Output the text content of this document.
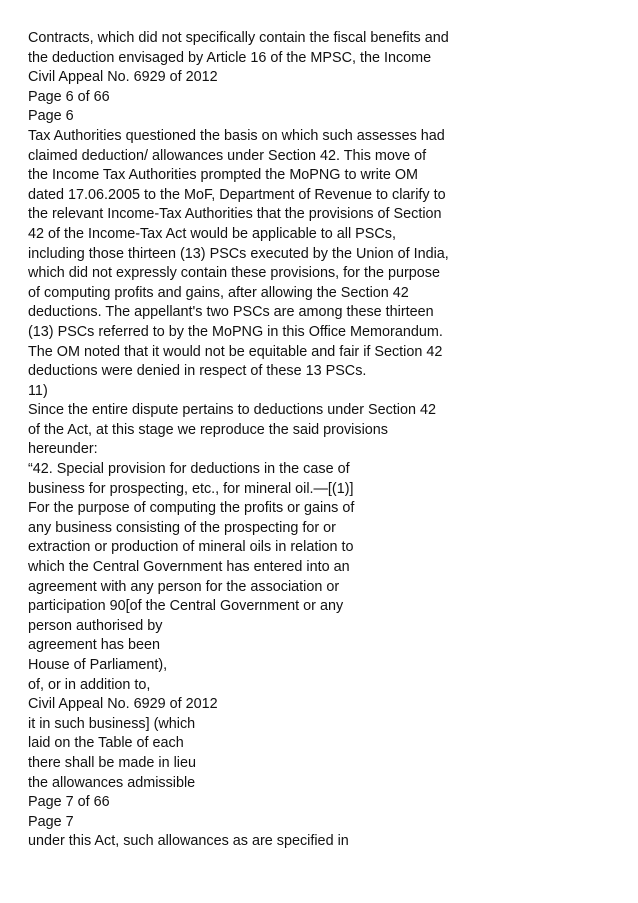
Contracts, which did not specifically contain the fiscal benefits and
the deduction envisaged by Article 16 of the MPSC, the Income
Civil Appeal No. 6929 of 2012
Page 6 of 66
Page 6
Tax Authorities questioned the basis on which such assesses had
claimed deduction/ allowances under Section 42. This move of
the Income Tax Authorities prompted the MoPNG to write OM
dated 17.06.2005 to the MoF, Department of Revenue to clarify to
the relevant Income-Tax Authorities that the provisions of Section
42 of the Income-Tax Act would be applicable to all PSCs,
including those thirteen (13) PSCs executed by the Union of India,
which did not expressly contain these provisions, for the purpose
of computing profits and gains, after allowing the Section 42
deductions. The appellant's two PSCs are among these thirteen
(13) PSCs referred to by the MoPNG in this Office Memorandum.
The OM noted that it would not be equitable and fair if Section 42
deductions were denied in respect of these 13 PSCs.
11)
Since the entire dispute pertains to deductions under Section 42
of the Act, at this stage we reproduce the said provisions
hereunder:
“42. Special provision for deductions in the case of
business for prospecting, etc., for mineral oil.—[(1)]
For the purpose of computing the profits or gains of
any business consisting of the prospecting for or
extraction or production of mineral oils in relation to
which the Central Government has entered into an
agreement with any person for the association or
participation 90[of the Central Government or any
person authorised by
agreement has been
House of Parliament),
of, or in addition to,
Civil Appeal No. 6929 of 2012
it in such business] (which
laid on the Table of each
there shall be made in lieu
the allowances admissible
Page 7 of 66
Page 7
under this Act, such allowances as are specified in
